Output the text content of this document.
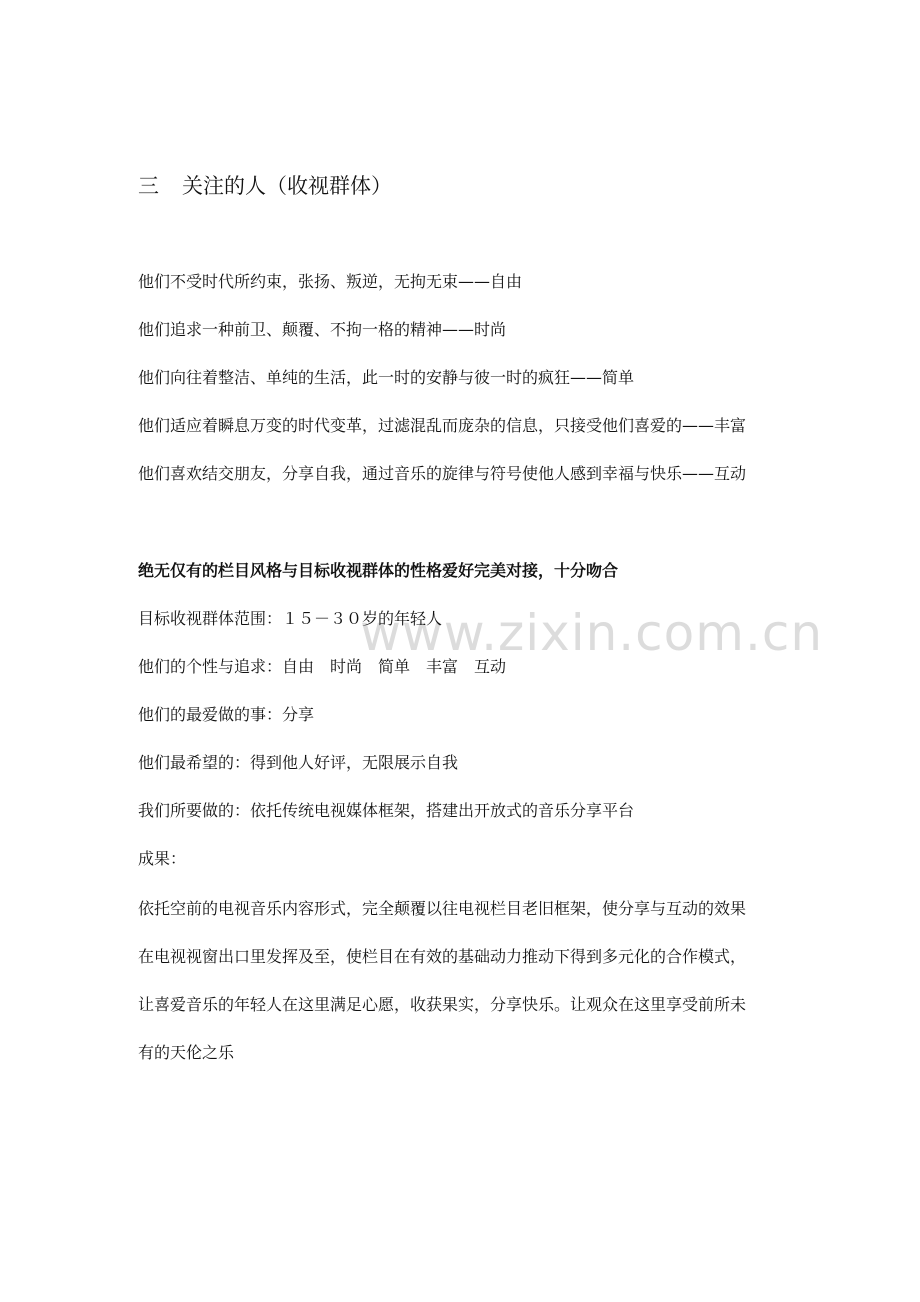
www.zixin.com.cn
三 关注的人（收视群体）
他们不受时代所约束，张扬、叛逆，无拘无束——自由
他们追求一种前卫、颠覆、不拘一格的精神——时尚
他们向往着整洁、单纯的生活，此一时的安静与彼一时的疯狂——简单
他们适应着瞬息万变的时代变革，过滤混乱而庞杂的信息，只接受他们喜爱的——丰富
他们喜欢结交朋友，分享自我，通过音乐的旋律与符号使他人感到幸福与快乐——互动
绝无仅有的栏目风格与目标收视群体的性格爱好完美对接，十分吻合
目标收视群体范围：１５－３０岁的年轻人
他们的个性与追求：自由　时尚　简单　丰富　互动
他们的最爱做的事：分享
他们最希望的：得到他人好评，无限展示自我
我们所要做的：依托传统电视媒体框架，搭建出开放式的音乐分享平台
成果：
依托空前的电视音乐内容形式，完全颠覆以往电视栏目老旧框架，使分享与互动的效果
在电视视窗出口里发挥及至，使栏目在有效的基础动力推动下得到多元化的合作模式，
让喜爱音乐的年轻人在这里满足心愿，收获果实，分享快乐。让观众在这里享受前所未
有的天伦之乐
